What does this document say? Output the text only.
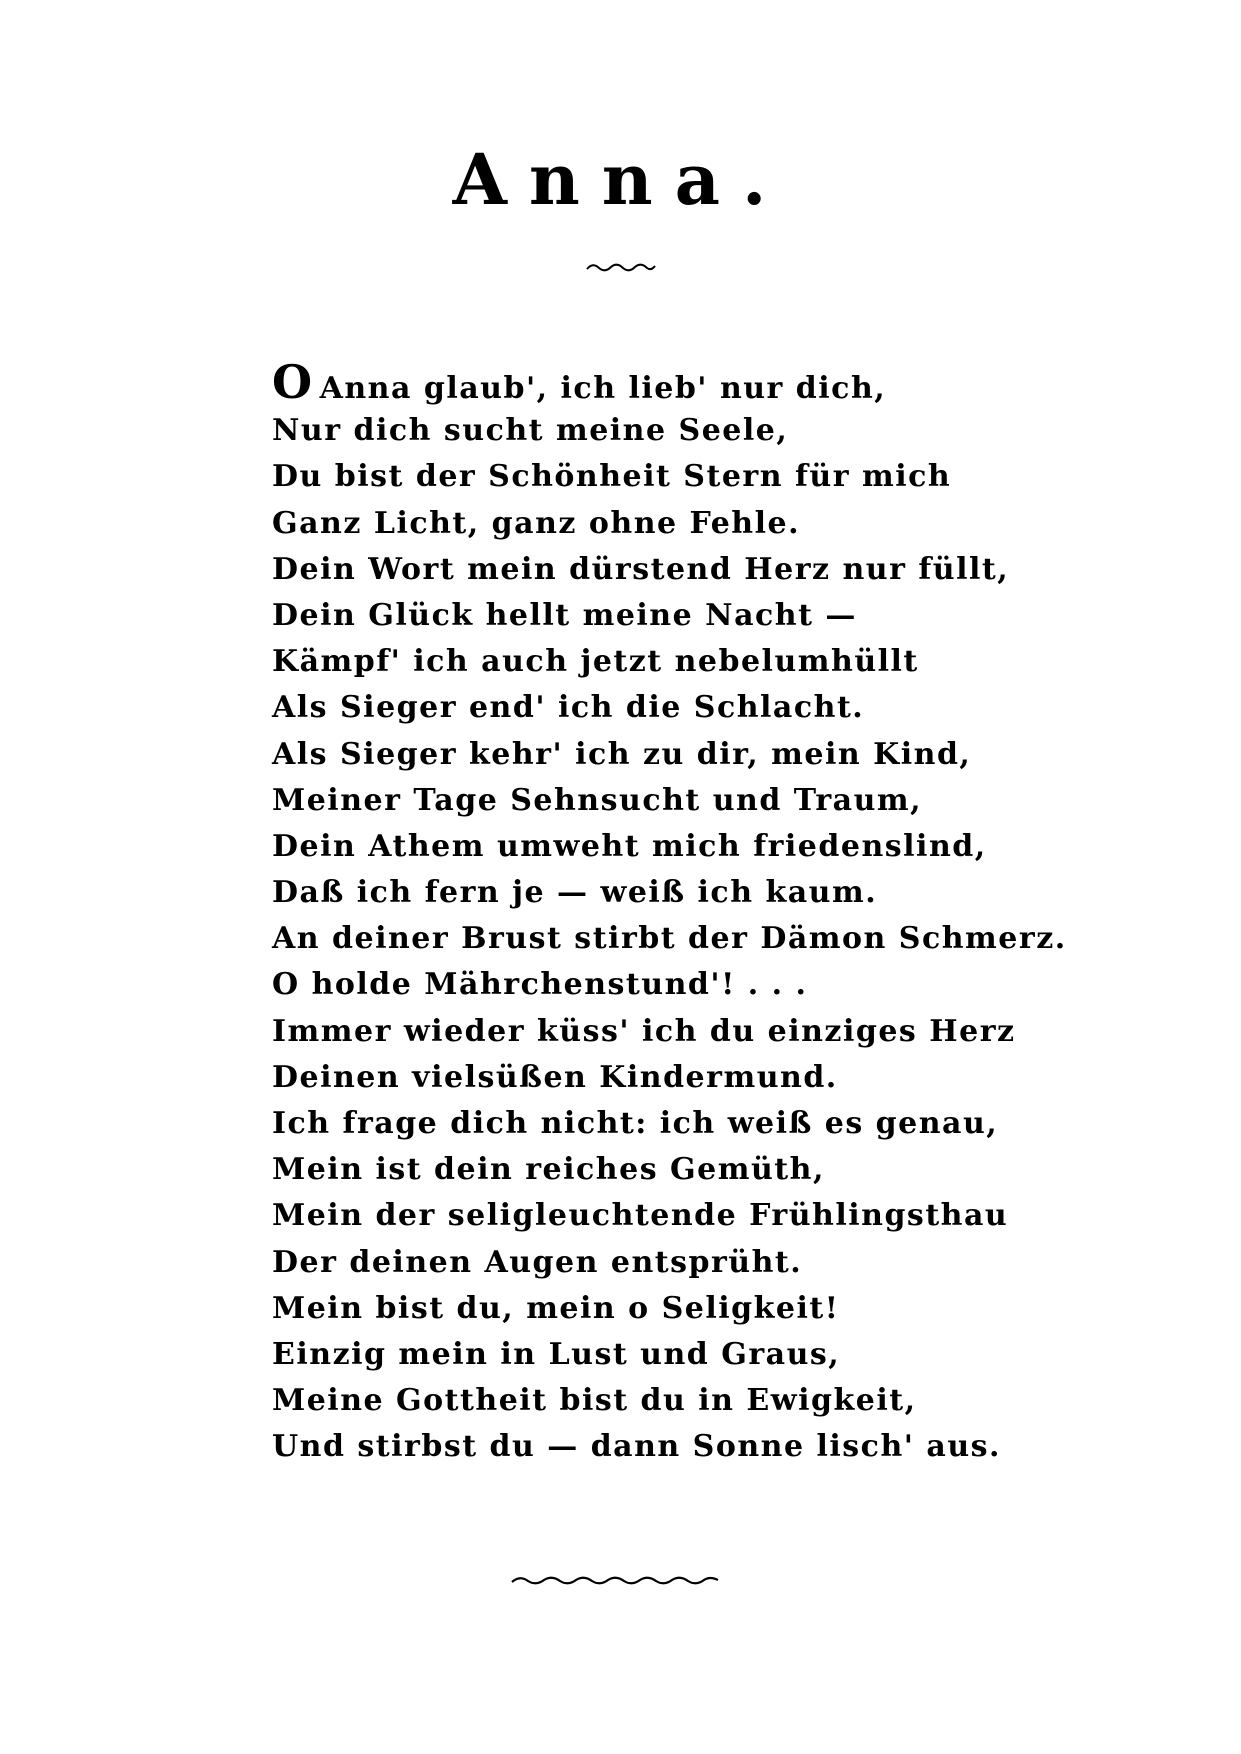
Anna.
O Anna glaub', ich lieb' nur dich,
Nur dich sucht meine Seele,
Du bist der Schönheit Stern für mich
Ganz Licht, ganz ohne Fehle.
Dein Wort mein dürstend Herz nur füllt,
Dein Glück hellt meine Nacht —
Kämpf' ich auch jetzt nebelumhüllt
Als Sieger end' ich die Schlacht.
Als Sieger kehr' ich zu dir, mein Kind,
Meiner Tage Sehnsucht und Traum,
Dein Athem umweht mich friedenslind,
Daß ich fern je — weiß ich kaum.
An deiner Brust stirbt der Dämon Schmerz.
O holde Mährchenstund'! . . .
Immer wieder küss' ich du einziges Herz
Deinen vielsüßen Kindermund.
Ich frage dich nicht: ich weiß es genau,
Mein ist dein reiches Gemüth,
Mein der seligleuchtende Frühlingsthau
Der deinen Augen entsprüht.
Mein bist du, mein o Seligkeit!
Einzig mein in Lust und Graus,
Meine Gottheit bist du in Ewigkeit,
Und stirbst du — dann Sonne lisch' aus.
